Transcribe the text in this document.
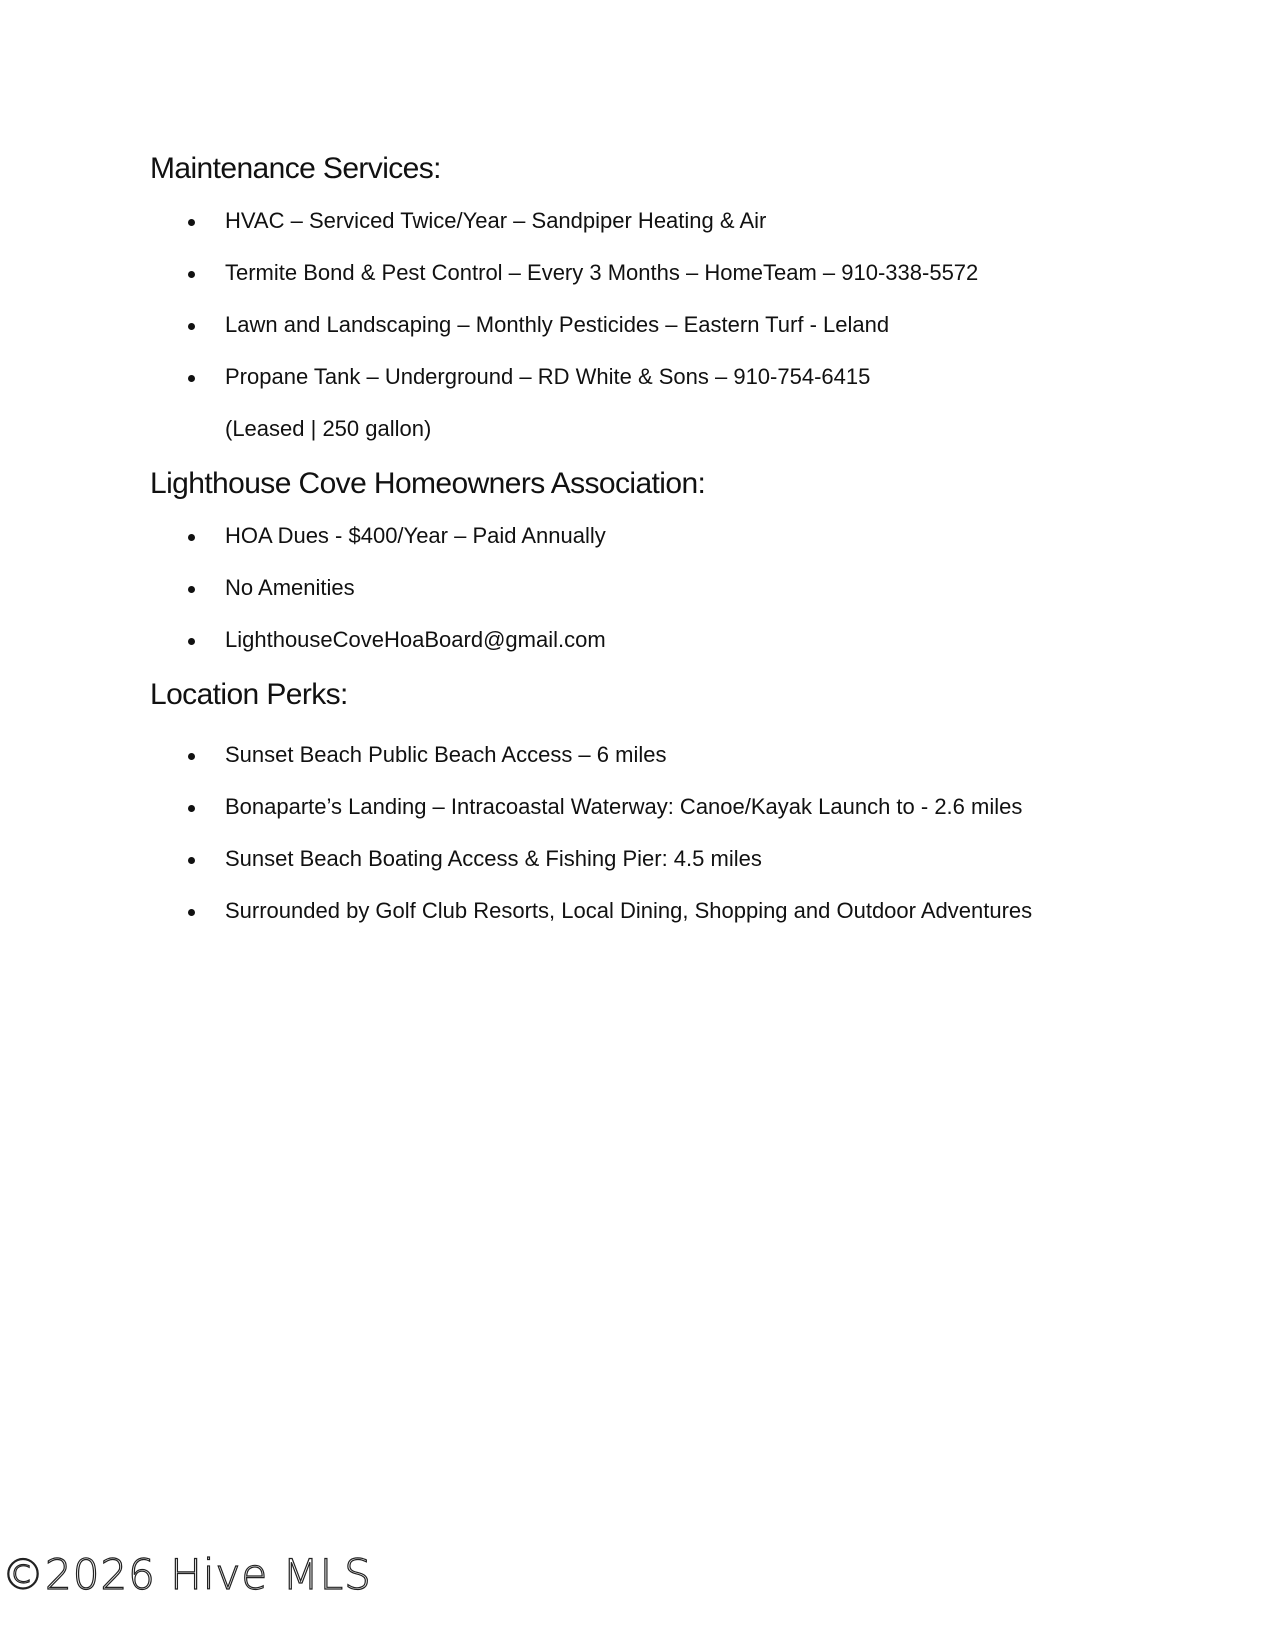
Maintenance Services:
HVAC – Serviced Twice/Year – Sandpiper Heating & Air
Termite Bond & Pest Control – Every 3 Months – HomeTeam – 910-338-5572
Lawn and Landscaping – Monthly Pesticides – Eastern Turf - Leland
Propane Tank – Underground – RD White & Sons – 910-754-6415
(Leased | 250 gallon)
Lighthouse Cove Homeowners Association:
HOA Dues - $400/Year – Paid Annually
No Amenities
LighthouseCoveHoaBoard@gmail.com
Location Perks:
Sunset Beach Public Beach Access – 6 miles
Bonaparte’s Landing – Intracoastal Waterway: Canoe/Kayak Launch to - 2.6 miles
Sunset Beach Boating Access & Fishing Pier: 4.5 miles
Surrounded by Golf Club Resorts, Local Dining, Shopping and Outdoor Adventures
©2026 Hive MLS
